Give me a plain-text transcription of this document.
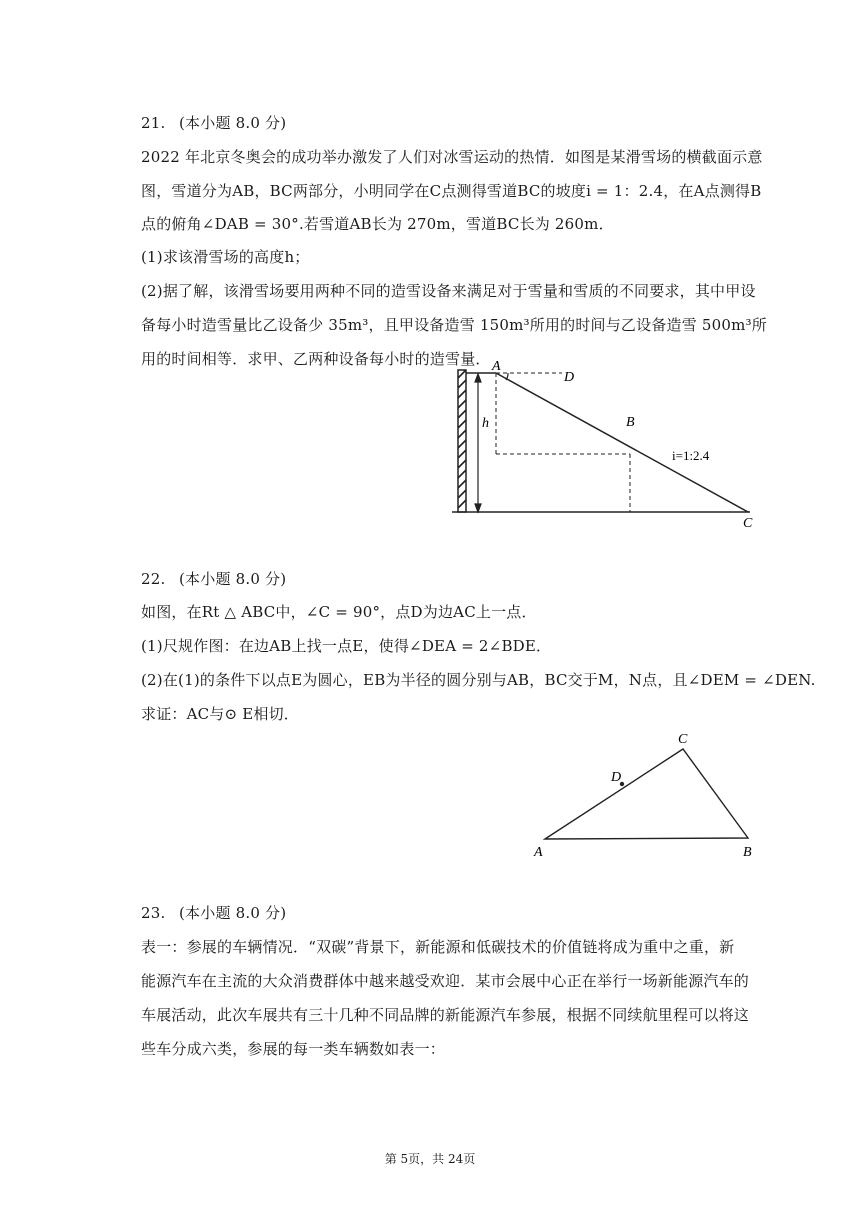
21. (本小题 8.0 分)
2022 年北京冬奥会的成功举办激发了人们对冰雪运动的热情．如图是某滑雪场的横截面示意
图，雪道分为AB，BC两部分，小明同学在C点测得雪道BC的坡度i = 1：2.4，在A点测得B
点的俯角∠DAB = 30°.若雪道AB长为 270m，雪道BC长为 260m．
(1)求该滑雪场的高度h；
(2)据了解，该滑雪场要用两种不同的造雪设备来满足对于雪量和雪质的不同要求，其中甲设
备每小时造雪量比乙设备少 35m³，且甲设备造雪 150m³所用的时间与乙设备造雪 500m³所
用的时间相等．求甲、乙两种设备每小时的造雪量．
h
A
D
B
C
i=1:2.4
22. (本小题 8.0 分)
如图，在Rt △ ABC中，∠C = 90°，点D为边AC上一点．
(1)尺规作图：在边AB上找一点E，使得∠DEA = 2∠BDE．
(2)在(1)的条件下以点E为圆心，EB为半径的圆分别与AB，BC交于M，N点，且∠DEM = ∠DEN.
求证：AC与⊙ E相切．
C
D
A	B
23. (本小题 8.0 分)
表一：参展的车辆情况．“双碳”背景下，新能源和低碳技术的价值链将成为重中之重，新
能源汽车在主流的大众消费群体中越来越受欢迎．某市会展中心正在举行一场新能源汽车的
车展活动，此次车展共有三十几种不同品牌的新能源汽车参展，根据不同续航里程可以将这
些车分成六类，参展的每一类车辆数如表一：
第 5页，共 24页
